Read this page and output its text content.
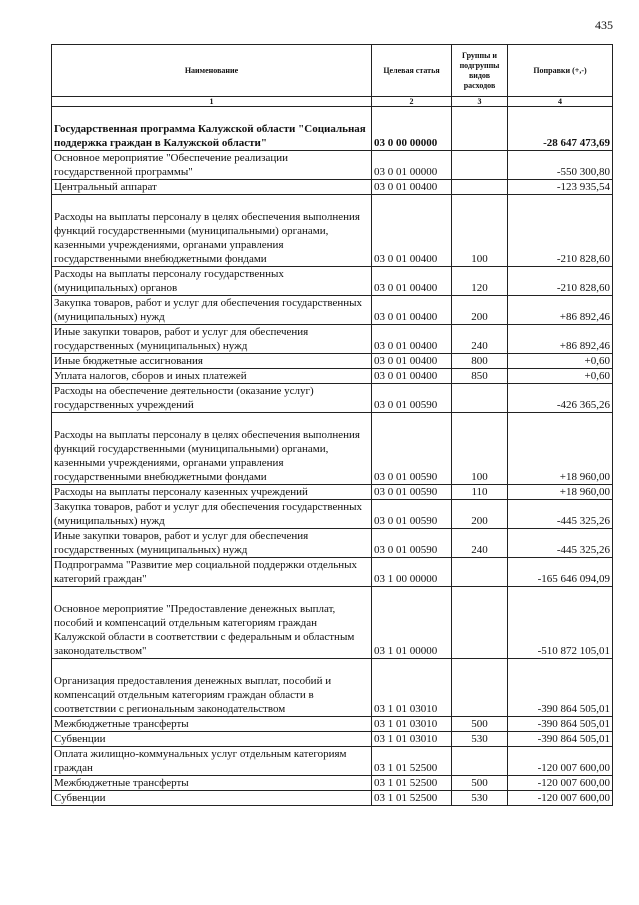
435
Наименование	Целевая статья	Группы и подгруппы видов расходов	Поправки (+,-)
1	2	3	4
Государственная программа Калужской области "Социальная поддержка граждан в Калужской области"	03 0 00 00000		-28 647 473,69
Основное мероприятие "Обеспечение реализации государственной программы"	03 0 01 00000		-550 300,80
Центральный аппарат	03 0 01 00400		-123 935,54
Расходы на выплаты персоналу в целях обеспечения выполнения функций государственными (муниципальными) органами, казенными учреждениями, органами управления государственными внебюджетными фондами	03 0 01 00400	100	-210 828,60
Расходы на выплаты персоналу государственных (муниципальных) органов	03 0 01 00400	120	-210 828,60
Закупка товаров, работ и услуг для обеспечения государственных (муниципальных) нужд	03 0 01 00400	200	+86 892,46
Иные закупки товаров, работ и услуг для обеспечения государственных (муниципальных) нужд	03 0 01 00400	240	+86 892,46
Иные бюджетные ассигнования	03 0 01 00400	800	+0,60
Уплата налогов, сборов и иных платежей	03 0 01 00400	850	+0,60
Расходы на обеспечение деятельности (оказание услуг) государственных учреждений	03 0 01 00590		-426 365,26
Расходы на выплаты персоналу в целях обеспечения выполнения функций государственными (муниципальными) органами, казенными учреждениями, органами управления государственными внебюджетными фондами	03 0 01 00590	100	+18 960,00
Расходы на выплаты персоналу казенных учреждений	03 0 01 00590	110	+18 960,00
Закупка товаров, работ и услуг для обеспечения государственных (муниципальных) нужд	03 0 01 00590	200	-445 325,26
Иные закупки товаров, работ и услуг для обеспечения государственных (муниципальных) нужд	03 0 01 00590	240	-445 325,26
Подпрограмма "Развитие мер социальной поддержки отдельных категорий граждан"	03 1 00 00000		-165 646 094,09
Основное мероприятие "Предоставление денежных выплат, пособий и компенсаций отдельным категориям граждан Калужской области в соответствии с федеральным и областным законодательством"	03 1 01 00000		-510 872 105,01
Организация предоставления денежных выплат, пособий и компенсаций отдельным категориям граждан области в соответствии с региональным законодательством	03 1 01 03010		-390 864 505,01
Межбюджетные трансферты	03 1 01 03010	500	-390 864 505,01
Субвенции	03 1 01 03010	530	-390 864 505,01
Оплата жилищно-коммунальных услуг отдельным категориям граждан	03 1 01 52500		-120 007 600,00
Межбюджетные трансферты	03 1 01 52500	500	-120 007 600,00
Субвенции	03 1 01 52500	530	-120 007 600,00
